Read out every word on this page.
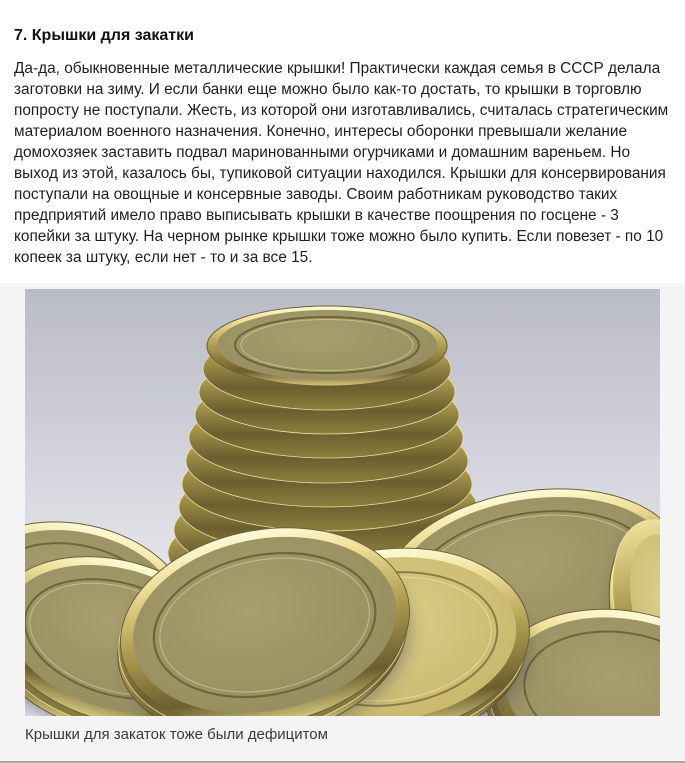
7. Крышки для закатки

Да-да, обыкновенные металлические крышки! Практически каждая семья в СССР делала заготовки на зиму. И если банки еще можно было как-то достать, то крышки в торговлю попросту не поступали. Жесть, из которой они изготавливались, считалась стратегическим материалом военного назначения. Конечно, интересы оборонки превышали желание домохозяек заставить подвал маринованными огурчиками и домашним вареньем. Но выход из этой, казалось бы, тупиковой ситуации находился. Крышки для консервирования поступали на овощные и консервные заводы. Своим работникам руководство таких предприятий имело право выписывать крышки в качестве поощрения по госцене - 3 копейки за штуку. На черном рынке крышки тоже можно было купить. Если повезет - по 10 копеек за штуку, если нет - то и за все 15.

Крышки для закаток тоже были дефицитом
